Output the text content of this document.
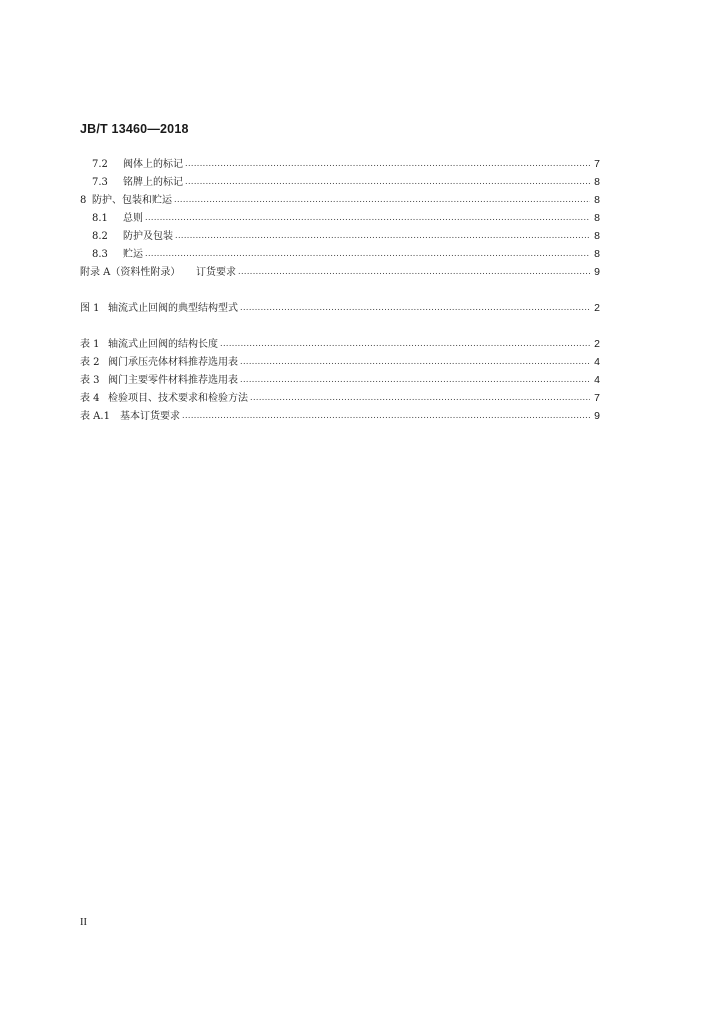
JB/T 13460—2018
7.2	阀体上的标记 .....	7
7.3	铭牌上的标记 .....	8
8 防护、包装和贮运 .....	8
8.1	总则 .....	8
8.2	防护及包装 .....	8
8.3	贮运 .....	8
附录 A（资料性附录）	订货要求 .....	9
图 1 轴流式止回阀的典型结构型式 .....	2
表 1 轴流式止回阀的结构长度 .....	2
表 2 阀门承压壳体材料推荐选用表 .....	4
表 3 阀门主要零件材料推荐选用表 .....	4
表 4 检验项目、技术要求和检验方法 .....	7
表 A.1	基本订货要求 .....	9
II
